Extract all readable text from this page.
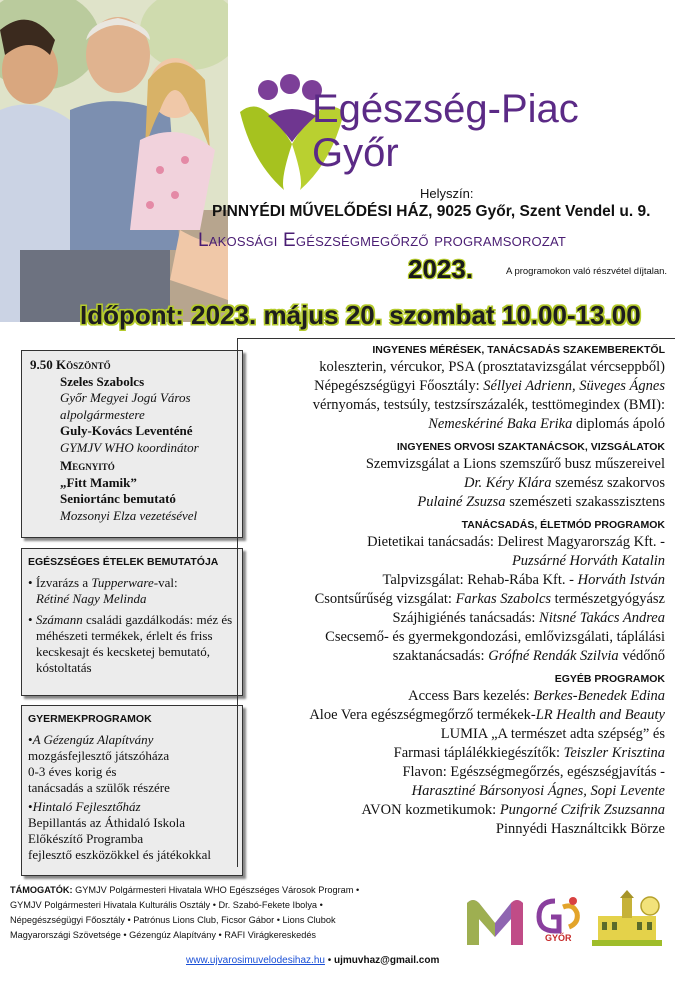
Egészség-Piac
Győr
Helyszín:
PINNYÉDI MŰVELŐDÉSI HÁZ, 9025 Győr, Szent Vendel u. 9.
Lakossági Egészségmegőrző programsorozat
2023.	A programokon való részvétel díjtalan.
Időpont: 2023. május 20. szombat 10.00-13.00
9.50 Köszöntő
Szeles Szabolcs
Győr Megyei Jogú Város
alpolgármestere
Guly-Kovács Leventéné
GYMJV WHO koordinátor
Megnyitó
„Fitt Mamik”
Seniortánc bemutató
Mozsonyi Elza vezetésével
EGÉSZSÉGES ÉTELEK BEMUTATÓJA
• Ízvarázs a Tupperware-val:
Rétiné Nagy Melinda
• Számann családi gazdálkodás: méz és méhészeti termékek, érlelt és friss kecskesajt és kecsketej bemutató, kóstoltatás
GYERMEKPROGRAMOK
•A Gézengúz Alapítvány
mozgásfejlesztő játszóháza
0-3 éves korig és
tanácsadás a szülők részére
•Hintaló Fejlesztőház
Bepillantás az Áthidaló Iskola
Előkészítő Programba
fejlesztő eszközökkel és játékokkal
INGYENES MÉRÉSEK, TANÁCSADÁS SZAKEMBEREKTŐL
koleszterin, vércukor, PSA (prosztatavizsgálat vércseppből)
Népegészségügyi Főosztály: Séllyei Adrienn, Süveges Ágnes
vérnyomás, testsúly, testzsírszázalék, testtömegindex (BMI):
Nemeskériné Baka Erika diplomás ápoló
INGYENES ORVOSI SZAKTANÁCSOK, VIZSGÁLATOK
Szemvizsgálat a Lions szemszűrő busz műszereivel
Dr. Kéry Klára szemész szakorvos
Pulainé Zsuzsa szemészeti szakasszisztens
TANÁCSADÁS, ÉLETMÓD PROGRAMOK
Dietetikai tanácsadás: Delirest Magyarország Kft. -
Puzsárné Horváth Katalin
Talpvizsgálat: Rehab-Rába Kft. - Horváth István
Csontsűrűség vizsgálat: Farkas Szabolcs természetgyógyász
Szájhigiénés tanácsadás: Nitsné Takács Andrea
Csecsemő- és gyermekgondozási, emlővizsgálati, táplálási
szaktanácsadás: Grófné Rendák Szilvia védőnő
EGYÉB PROGRAMOK
Access Bars kezelés: Berkes-Benedek Edina
Aloe Vera egészségmegőrző termékek-LR Health and Beauty
LUMIA „A természet adta szépség” és
Farmasi táplálékkiegészítők: Teiszler Krisztina
Flavon: Egészségmegőrzés, egészségjavítás -
Harasztiné Bársonyosi Ágnes, Sopi Levente
AVON kozmetikumok: Pungorné Czifrik Zsuzsanna
Pinnyédi Használtcikk Börze
TÁMOGATÓK: GYMJV Polgármesteri Hivatala WHO Egészséges Városok Program •
GYMJV Polgármesteri Hivatala Kulturális Osztály • Dr. Szabó-Fekete Ibolya •
Népegészségügyi Főosztály • Patrónus Lions Club, Ficsor Gábor • Lions Clubok
Magyarországi Szövetsége • Gézengúz Alapítvány • RAFI Virágkereskedés
www.ujvarosimuvelodesihaz.hu • ujmuvhaz@gmail.com
GYŐR
